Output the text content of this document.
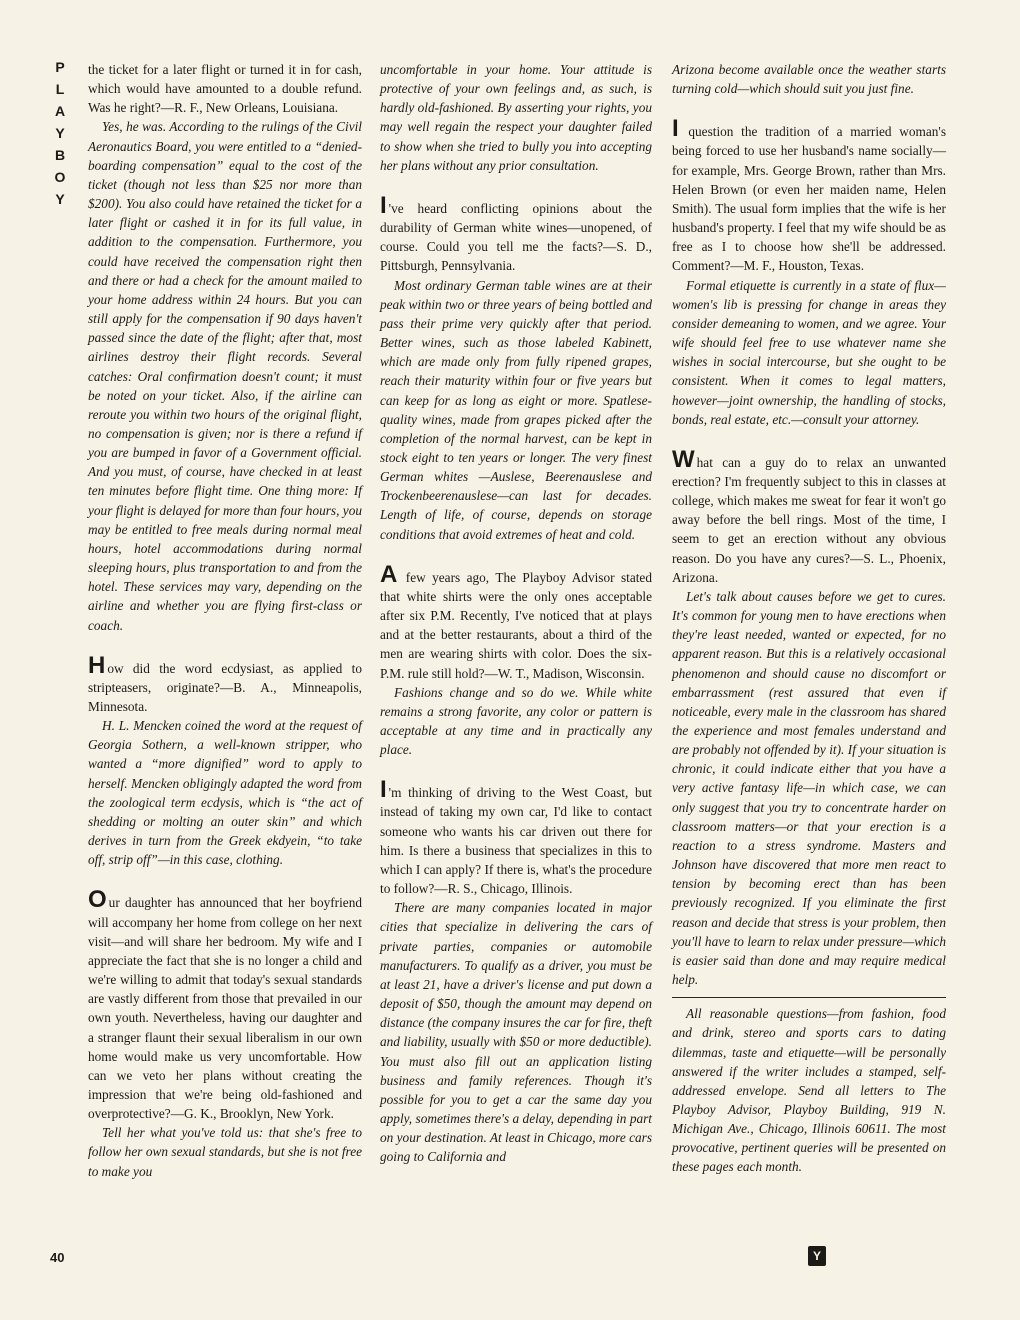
P
L
A
Y
B
O
Y
40

the ticket for a later flight or turned it in for cash, which would have amounted to a double refund. Was he right?—R. F., New Orleans, Louisiana.

Yes, he was. According to the rulings of the Civil Aeronautics Board, you were entitled to a “denied-boarding compensation” equal to the cost of the ticket (though not less than $25 nor more than $200). You also could have retained the ticket for a later flight or cashed it in for its full value, in addition to the compensation. Furthermore, you could have received the compensation right then and there or had a check for the amount mailed to your home address within 24 hours. But you can still apply for the compensation if 90 days haven't passed since the date of the flight; after that, most airlines destroy their flight records. Several catches: Oral confirmation doesn't count; it must be noted on your ticket. Also, if the airline can reroute you within two hours of the original flight, no compensation is given; nor is there a refund if you are bumped in favor of a Government official. And you must, of course, have checked in at least ten minutes before flight time. One thing more: If your flight is delayed for more than four hours, you may be entitled to free meals during normal meal hours, hotel accommodations during normal sleeping hours, plus transportation to and from the hotel. These services may vary, depending on the airline and whether you are flying first-class or coach.

How did the word ecdysiast, as applied to stripteasers, originate?—B. A., Minneapolis, Minnesota.

H. L. Mencken coined the word at the request of Georgia Sothern, a well-known stripper, who wanted a “more dignified” word to apply to herself. Mencken obligingly adapted the word from the zoological term ecdysis, which is “the act of shedding or molting an outer skin” and which derives in turn from the Greek ekdyein, “to take off, strip off”—in this case, clothing.

Our daughter has announced that her boyfriend will accompany her home from college on her next visit—and will share her bedroom. My wife and I appreciate the fact that she is no longer a child and we're willing to admit that today's sexual standards are vastly different from those that prevailed in our own youth. Nevertheless, having our daughter and a stranger flaunt their sexual liberalism in our own home would make us very uncomfortable. How can we veto her plans without creating the impression that we're being old-fashioned and overprotective?—G. K., Brooklyn, New York.

Tell her what you've told us: that she's free to follow her own sexual standards, but she is not free to make you

uncomfortable in your home. Your attitude is protective of your own feelings and, as such, is hardly old-fashioned. By asserting your rights, you may well regain the respect your daughter failed to show when she tried to bully you into accepting her plans without any prior consultation.

I 've heard conflicting opinions about the durability of German white wines—unopened, of course. Could you tell me the facts?—S. D., Pittsburgh, Pennsylvania.

Most ordinary German table wines are at their peak within two or three years of being bottled and pass their prime very quickly after that period. Better wines, such as those labeled Kabinett, which are made only from fully ripened grapes, reach their maturity within four or five years but can keep for as long as eight or more. Spatlese-quality wines, made from grapes picked after the completion of the normal harvest, can be kept in stock eight to ten years or longer. The very finest German whites —Auslese, Beerenauslese and Trockenbeerenauslese—can last for decades. Length of life, of course, depends on storage conditions that avoid extremes of heat and cold.

A few years ago, The Playboy Advisor stated that white shirts were the only ones acceptable after six P.M. Recently, I've noticed that at plays and at the better restaurants, about a third of the men are wearing shirts with color. Does the six-P.M. rule still hold?—W. T., Madison, Wisconsin.

Fashions change and so do we. While white remains a strong favorite, any color or pattern is acceptable at any time and in practically any place.

I 'm thinking of driving to the West Coast, but instead of taking my own car, I'd like to contact someone who wants his car driven out there for him. Is there a business that specializes in this to which I can apply? If there is, what's the procedure to follow?—R. S., Chicago, Illinois.

There are many companies located in major cities that specialize in delivering the cars of private parties, companies or automobile manufacturers. To qualify as a driver, you must be at least 21, have a driver's license and put down a deposit of $50, though the amount may depend on distance (the company insures the car for fire, theft and liability, usually with $50 or more deductible). You must also fill out an application listing business and family references. Though it's possible for you to get a car the same day you apply, sometimes there's a delay, depending in part on your destination. At least in Chicago, more cars going to California and

Arizona become available once the weather starts turning cold—which should suit you just fine.

I question the tradition of a married woman's being forced to use her husband's name socially—for example, Mrs. George Brown, rather than Mrs. Helen Brown (or even her maiden name, Helen Smith). The usual form implies that the wife is her husband's property. I feel that my wife should be as free as I to choose how she'll be addressed. Comment?—M. F., Houston, Texas.

Formal etiquette is currently in a state of flux—women's lib is pressing for change in areas they consider demeaning to women, and we agree. Your wife should feel free to use whatever name she wishes in social intercourse, but she ought to be consistent. When it comes to legal matters, however—joint ownership, the handling of stocks, bonds, real estate, etc.—consult your attorney.

What can a guy do to relax an unwanted erection? I'm frequently subject to this in classes at college, which makes me sweat for fear it won't go away before the bell rings. Most of the time, I seem to get an erection without any obvious reason. Do you have any cures?—S. L., Phoenix, Arizona.

Let's talk about causes before we get to cures. It's common for young men to have erections when they're least needed, wanted or expected, for no apparent reason. But this is a relatively occasional phenomenon and should cause no discomfort or embarrassment (rest assured that even if noticeable, every male in the classroom has shared the experience and most females understand and are probably not offended by it). If your situation is chronic, it could indicate either that you have a very active fantasy life—in which case, we can only suggest that you try to concentrate harder on classroom matters—or that your erection is a reaction to a stress syndrome. Masters and Johnson have discovered that more men react to tension by becoming erect than has been previously recognized. If you eliminate the first reason and decide that stress is your problem, then you'll have to learn to relax under pressure—which is easier said than done and may require medical help.

All reasonable questions—from fashion, food and drink, stereo and sports cars to dating dilemmas, taste and etiquette—will be personally answered if the writer includes a stamped, self-addressed envelope. Send all letters to The Playboy Advisor, Playboy Building, 919 N. Michigan Ave., Chicago, Illinois 60611. The most provocative, pertinent queries will be presented on these pages each month.

Y
